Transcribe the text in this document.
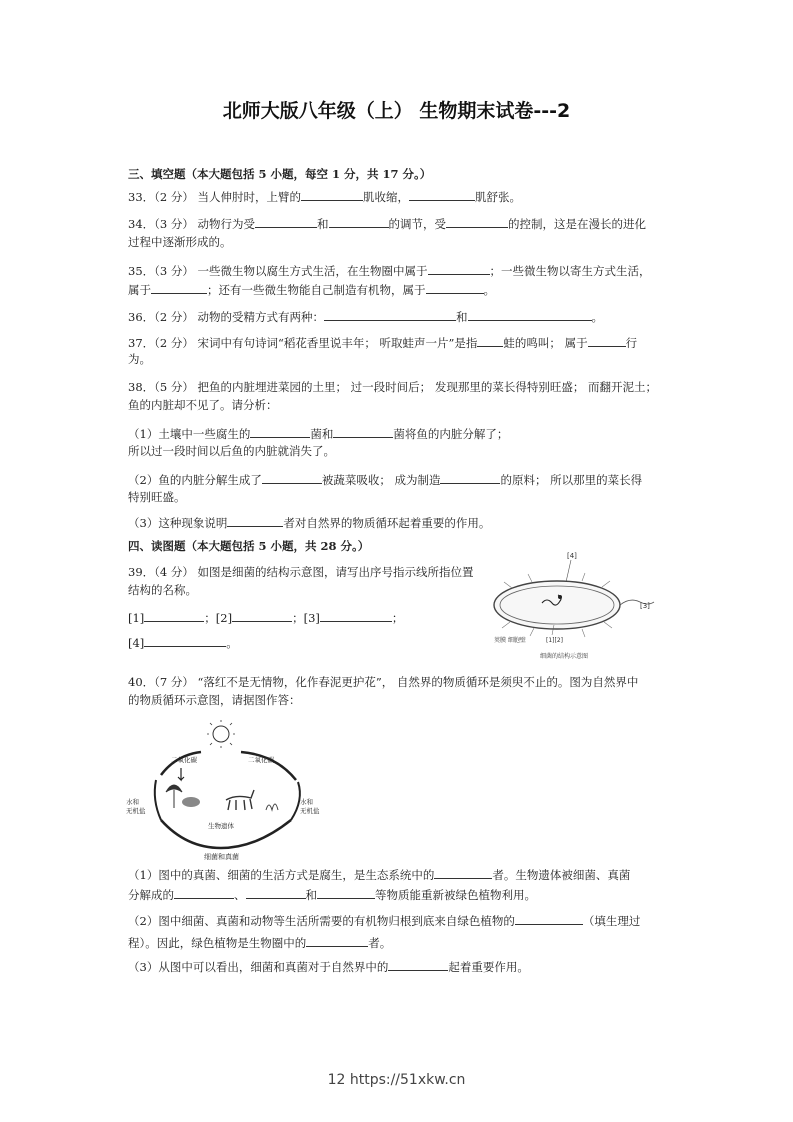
北师大版八年级（上） 生物期末试卷---2
三、填空题（本大题包括 5 小题，每空 1 分，共 17 分。）
33．（2 分） 当人伸肘时，上臂的	肌收缩，	肌舒张。
34．（3 分） 动物行为受	和	的调节，受	的控制，这是在漫长的进化
过程中逐渐形成的。
35．（3 分） 一些微生物以腐生方式生活，在生物圈中属于	；一些微生物以寄生方式生活，
属于	；还有一些微生物能自己制造有机物，属于	。
36．（2 分） 动物的受精方式有两种：	和	。
37．（2 分） 宋词中有句诗词“稻花香里说丰年； 听取蛙声一片”是指 蛙的鸣叫； 属于	行
为。
38．（5 分） 把鱼的内脏埋进菜园的土里； 过一段时间后； 发现那里的菜长得特别旺盛； 而翻开泥土；
鱼的内脏却不见了。请分析：
（1）土壤中一些腐生的	菌和	菌将鱼的内脏分解了；
所以过一段时间以后鱼的内脏就消失了。
（2）鱼的内脏分解生成了	被蔬菜吸收； 成为制造	的原料； 所以那里的菜长得
特别旺盛。
（3）这种现象说明	者对自然界的物质循环起着重要的作用。
四、读图题（本大题包括 5 小题，共 28 分。）
39．（4 分） 如图是细菌的结构示意图，请写出序号指示线所指位置
结构的名称。
[1]	；[2]	；[3]	；
[4]	。
[4]
[3]
荚膜 细胞壁	[1][2]
细菌的结构示意图
40．（7 分） “落红不是无情物，化作春泥更护花”， 自然界的物质循环是须臾不止的。图为自然界中
的物质循环示意图，请据图作答：
二氧化碳	二氧化碳
水和
无机盐
水和
无机盐
生物遗体
细菌和真菌
（1）图中的真菌、细菌的生活方式是腐生，是生态系统中的	者。生物遗体被细菌、真菌
分解成的	、	和	等物质能重新被绿色植物利用。
（2）图中细菌、真菌和动物等生活所需要的有机物归根到底来自绿色植物的	（填生理过
程）。因此，绿色植物是生物圈中的	者。
（3）从图中可以看出，细菌和真菌对于自然界中的	起着重要作用。
12 https://51xkw.cn
